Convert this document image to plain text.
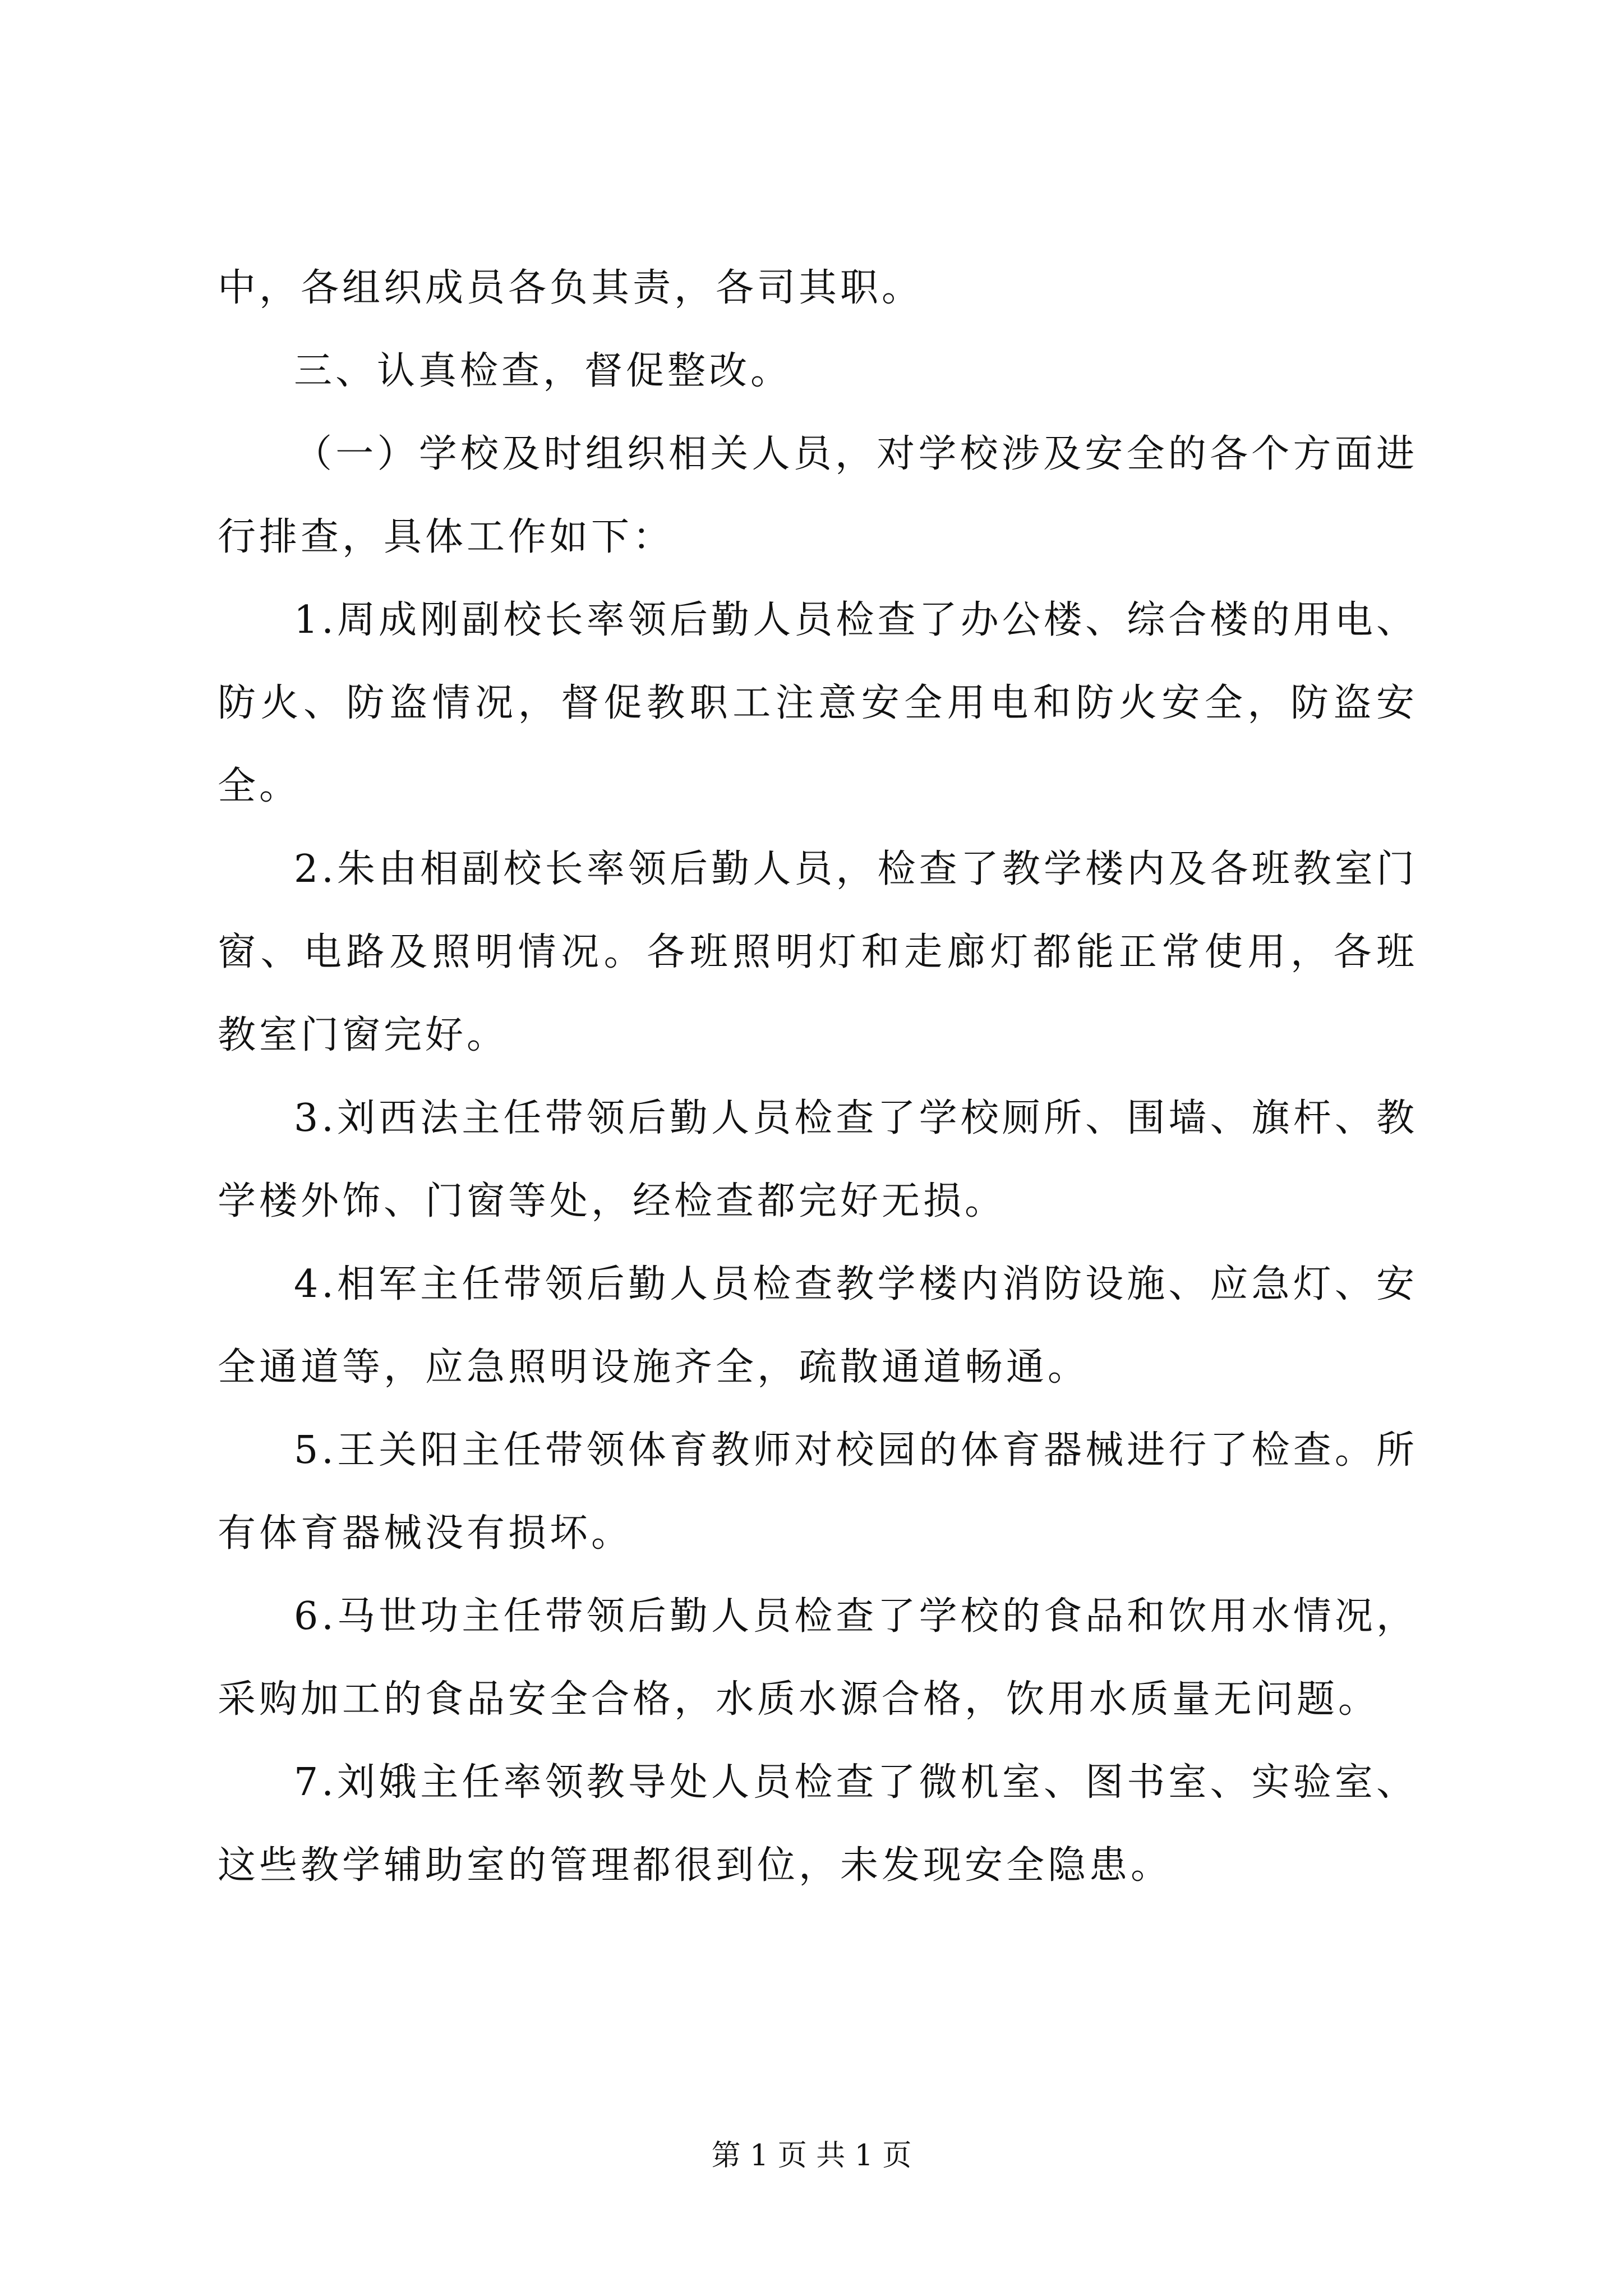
中，各组织成员各负其责，各司其职。

三、认真检查，督促整改。

（一）学校及时组织相关人员，对学校涉及安全的各个方面进行排查，具体工作如下：

1.周成刚副校长率领后勤人员检查了办公楼、综合楼的用电、防火、防盗情况，督促教职工注意安全用电和防火安全，防盗安全。

2.朱由相副校长率领后勤人员，检查了教学楼内及各班教室门窗、电路及照明情况。各班照明灯和走廊灯都能正常使用，各班教室门窗完好。

3.刘西法主任带领后勤人员检查了学校厕所、围墙、旗杆、教学楼外饰、门窗等处，经检查都完好无损。

4.相军主任带领后勤人员检查教学楼内消防设施、应急灯、安全通道等，应急照明设施齐全，疏散通道畅通。

5.王关阳主任带领体育教师对校园的体育器械进行了检查。所有体育器械没有损坏。

6.马世功主任带领后勤人员检查了学校的食品和饮用水情况，采购加工的食品安全合格，水质水源合格，饮用水质量无问题。

7.刘娥主任率领教导处人员检查了微机室、图书室、实验室、这些教学辅助室的管理都很到位，未发现安全隐患。

第 1 页 共 1 页
